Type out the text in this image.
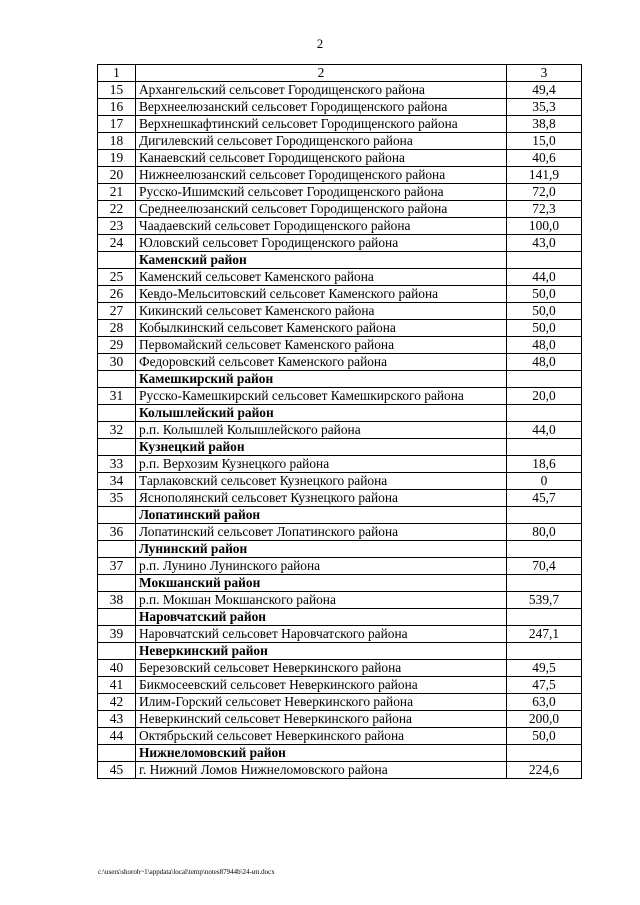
2
1	2	3
15	Архангельский сельсовет Городищенского района	49,4
16	Верхнеелюзанский сельсовет Городищенского района	35,3
17	Верхнешкафтинский сельсовет Городищенского района	38,8
18	Дигилевский сельсовет Городищенского района	15,0
19	Канаевский сельсовет Городищенского района	40,6
20	Нижнеелюзанский сельсовет Городищенского района	141,9
21	Русско-Ишимский сельсовет Городищенского района	72,0
22	Среднеелюзанский сельсовет Городищенского района	72,3
23	Чаадаевский сельсовет Городищенского района	100,0
24	Юловский сельсовет Городищенского района	43,0
	Каменский район	
25	Каменский сельсовет Каменского района	44,0
26	Кевдо-Мельситовский сельсовет Каменского района	50,0
27	Кикинский сельсовет Каменского района	50,0
28	Кобылкинский сельсовет Каменского района	50,0
29	Первомайский сельсовет Каменского района	48,0
30	Федоровский сельсовет Каменского района	48,0
	Камешкирский район	
31	Русско-Камешкирский сельсовет Камешкирского района	20,0
	Колышлейский район	
32	р.п. Колышлей Колышлейского района	44,0
	Кузнецкий район	
33	р.п. Верхозим Кузнецкого района	18,6
34	Тарлаковский сельсовет Кузнецкого района	0
35	Яснополянский сельсовет Кузнецкого района	45,7
	Лопатинский район	
36	Лопатинский сельсовет Лопатинского района	80,0
	Лунинский район	
37	р.п. Лунино Лунинского района	70,4
	Мокшанский район	
38	р.п. Мокшан Мокшанского района	539,7
	Наровчатский район	
39	Наровчатский сельсовет Наровчатского района	247,1
	Неверкинский район	
40	Березовский сельсовет Неверкинского района	49,5
41	Бикмосеевский сельсовет Неверкинского района	47,5
42	Илим-Горский сельсовет Неверкинского района	63,0
43	Неверкинский сельсовет Неверкинского района	200,0
44	Октябрьский сельсовет Неверкинского района	50,0
	Нижнеломовский район	
45	г. Нижний Ломов Нижнеломовского района	224,6
c:\users\shoroh~1\appdata\local\temp\notes87944b\24-ип.docx
